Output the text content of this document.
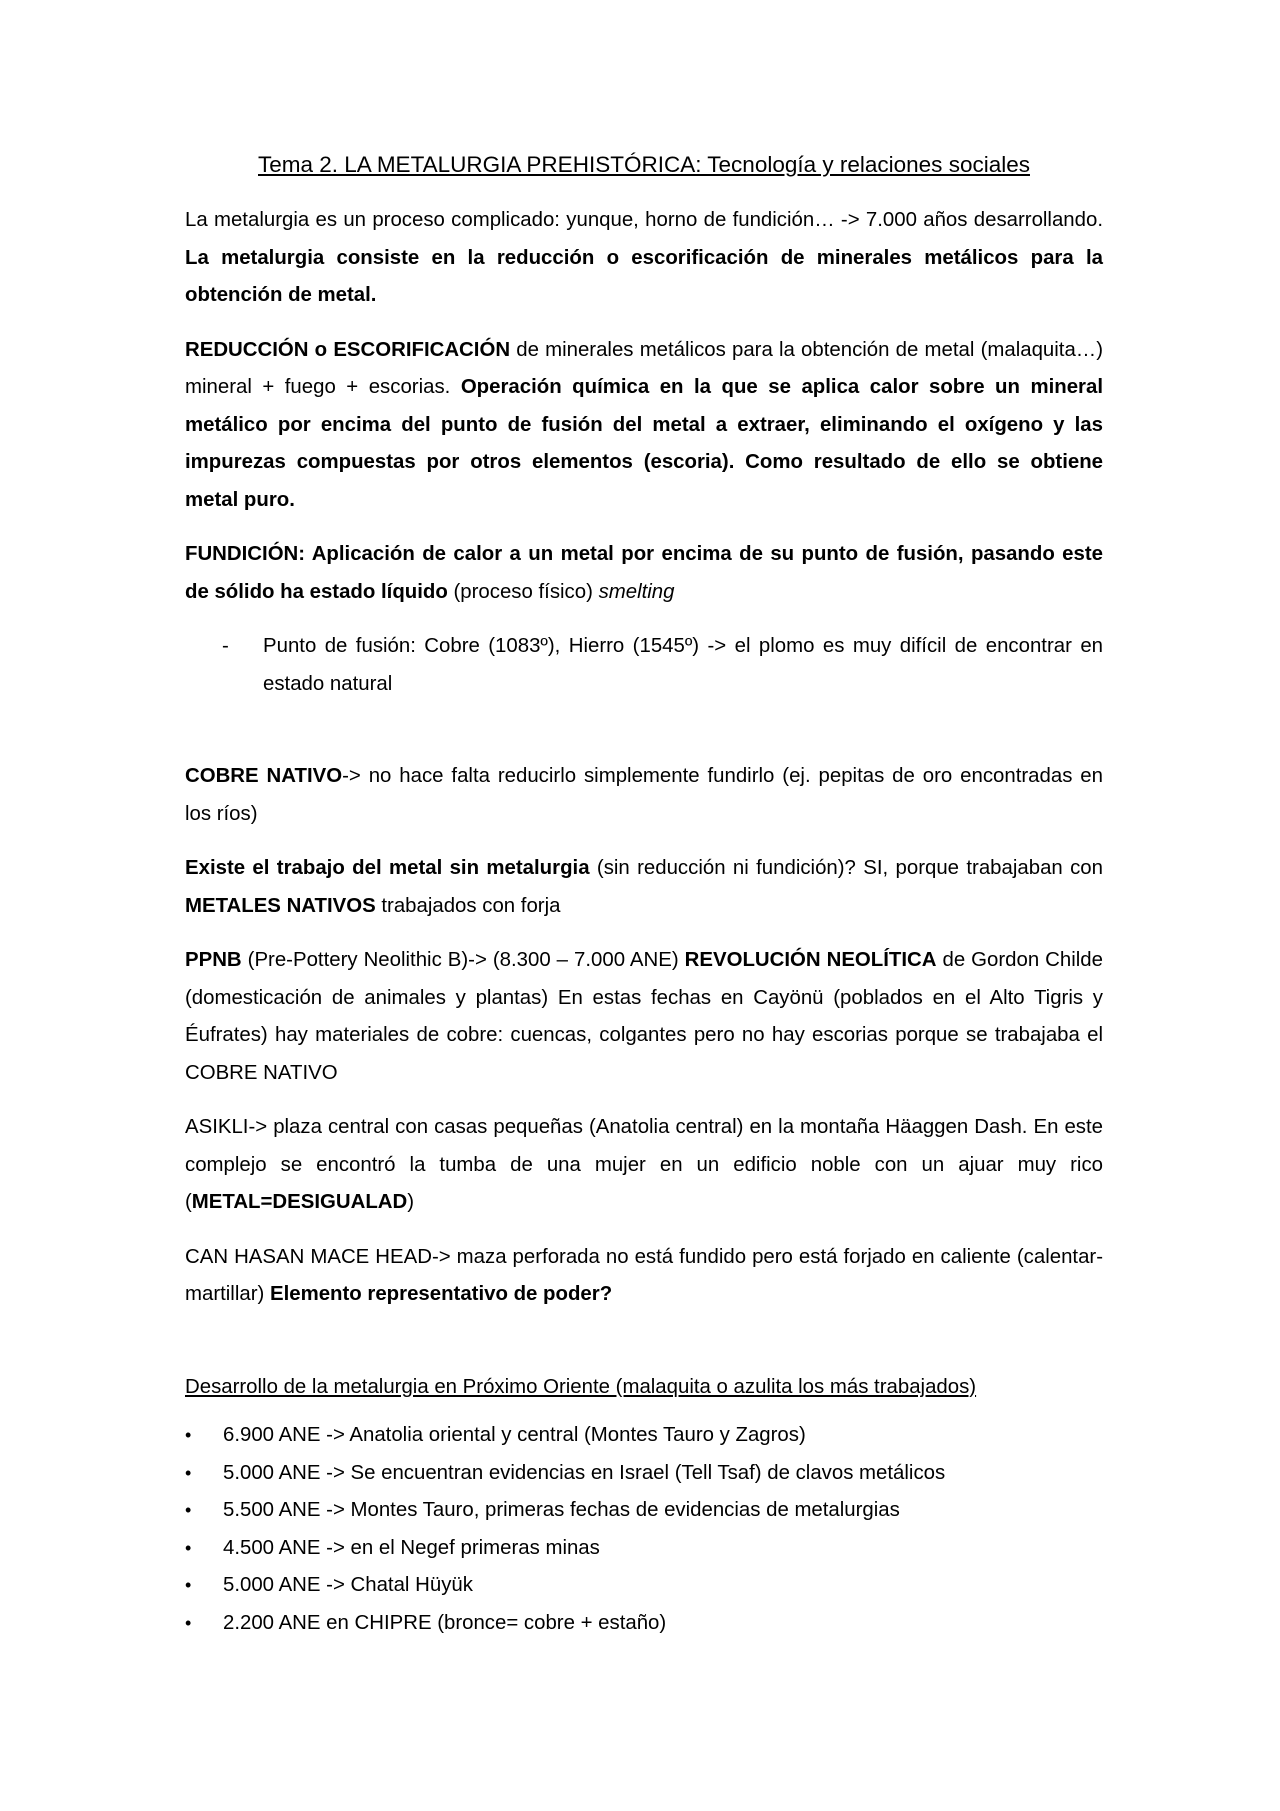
Tema 2. LA METALURGIA PREHISTÓRICA: Tecnología y relaciones sociales

La metalurgia es un proceso complicado: yunque, horno de fundición… -> 7.000 años desarrollando. La metalurgia consiste en la reducción o escorificación de minerales metálicos para la obtención de metal.

REDUCCIÓN o ESCORIFICACIÓN de minerales metálicos para la obtención de metal (malaquita…) mineral + fuego + escorias. Operación química en la que se aplica calor sobre un mineral metálico por encima del punto de fusión del metal a extraer, eliminando el oxígeno y las impurezas compuestas por otros elementos (escoria). Como resultado de ello se obtiene metal puro.

FUNDICIÓN: Aplicación de calor a un metal por encima de su punto de fusión, pasando este de sólido ha estado líquido (proceso físico) smelting

- Punto de fusión: Cobre (1083º), Hierro (1545º) -> el plomo es muy difícil de encontrar en estado natural

COBRE NATIVO-> no hace falta reducirlo simplemente fundirlo (ej. pepitas de oro encontradas en los ríos)

Existe el trabajo del metal sin metalurgia (sin reducción ni fundición)? SI, porque trabajaban con METALES NATIVOS trabajados con forja

PPNB (Pre-Pottery Neolithic B)-> (8.300 – 7.000 ANE) REVOLUCIÓN NEOLÍTICA de Gordon Childe (domesticación de animales y plantas) En estas fechas en Cayönü (poblados en el Alto Tigris y Éufrates) hay materiales de cobre: cuencas, colgantes pero no hay escorias porque se trabajaba el COBRE NATIVO

ASIKLI-> plaza central con casas pequeñas (Anatolia central) en la montaña Häaggen Dash. En este complejo se encontró la tumba de una mujer en un edificio noble con un ajuar muy rico (METAL=DESIGUALAD)

CAN HASAN MACE HEAD-> maza perforada no está fundido pero está forjado en caliente (calentar-martillar) Elemento representativo de poder?

Desarrollo de la metalurgia en Próximo Oriente (malaquita o azulita los más trabajados)
•	6.900 ANE -> Anatolia oriental y central (Montes Tauro y Zagros)
•	5.000 ANE -> Se encuentran evidencias en Israel (Tell Tsaf) de clavos metálicos
•	5.500 ANE -> Montes Tauro, primeras fechas de evidencias de metalurgias
•	4.500 ANE -> en el Negef primeras minas
•	5.000 ANE -> Chatal Hüyük
•	2.200 ANE en CHIPRE (bronce= cobre + estaño)
